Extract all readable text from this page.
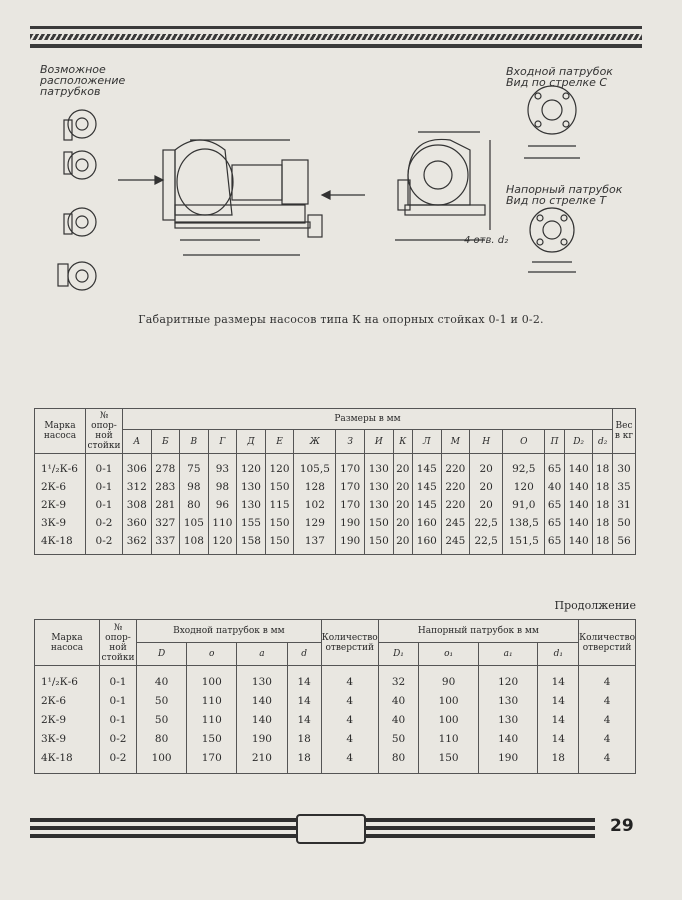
Возможное
расположение
патрубков
Входной патрубок
Вид по стрелке С
Напорный патрубок
Вид по стрелке Т
4 отв. d₂
Габаритные размеры насосов типа К на опорных стойках 0-1 и 0-2.
Марка насоса	№ опор-ной стойки	Размеры в мм																	Вес в кг
		А	Б	В	Г	Д	Е	Ж	З	И	К	Л	М	Н	О	П	D₂	d₂	
1¹/₂К-6	0-1	306	278	75	93	120	120	105,5	170	130	20	145	220	20	92,5	65	140	18	30
2К-6	0-1	312	283	98	98	130	150	128	170	130	20	145	220	20	120	40	140	18	35
2К-9	0-1	308	281	80	96	130	115	102	170	130	20	145	220	20	91,0	65	140	18	31
3К-9	0-2	360	327	105	110	155	150	129	190	150	20	160	245	22,5	138,5	65	140	18	50
4К-18	0-2	362	337	108	120	158	150	137	190	150	20	160	245	22,5	151,5	65	140	18	56
Продолжение
Марка насоса	№ опор-ной стойки	Входной патрубок в мм				Количество отверстий	Напорный патрубок в мм				Количество отверстий
		D	o	a	d		D₁	o₁	a₁	d₁	
1¹/₂К-6	0-1	40	100	130	14	4	32	90	120	14	4
2К-6	0-1	50	110	140	14	4	40	100	130	14	4
2К-9	0-1	50	110	140	14	4	40	100	130	14	4
3К-9	0-2	80	150	190	18	4	50	110	140	14	4
4К-18	0-2	100	170	210	18	4	80	150	190	18	4
29
